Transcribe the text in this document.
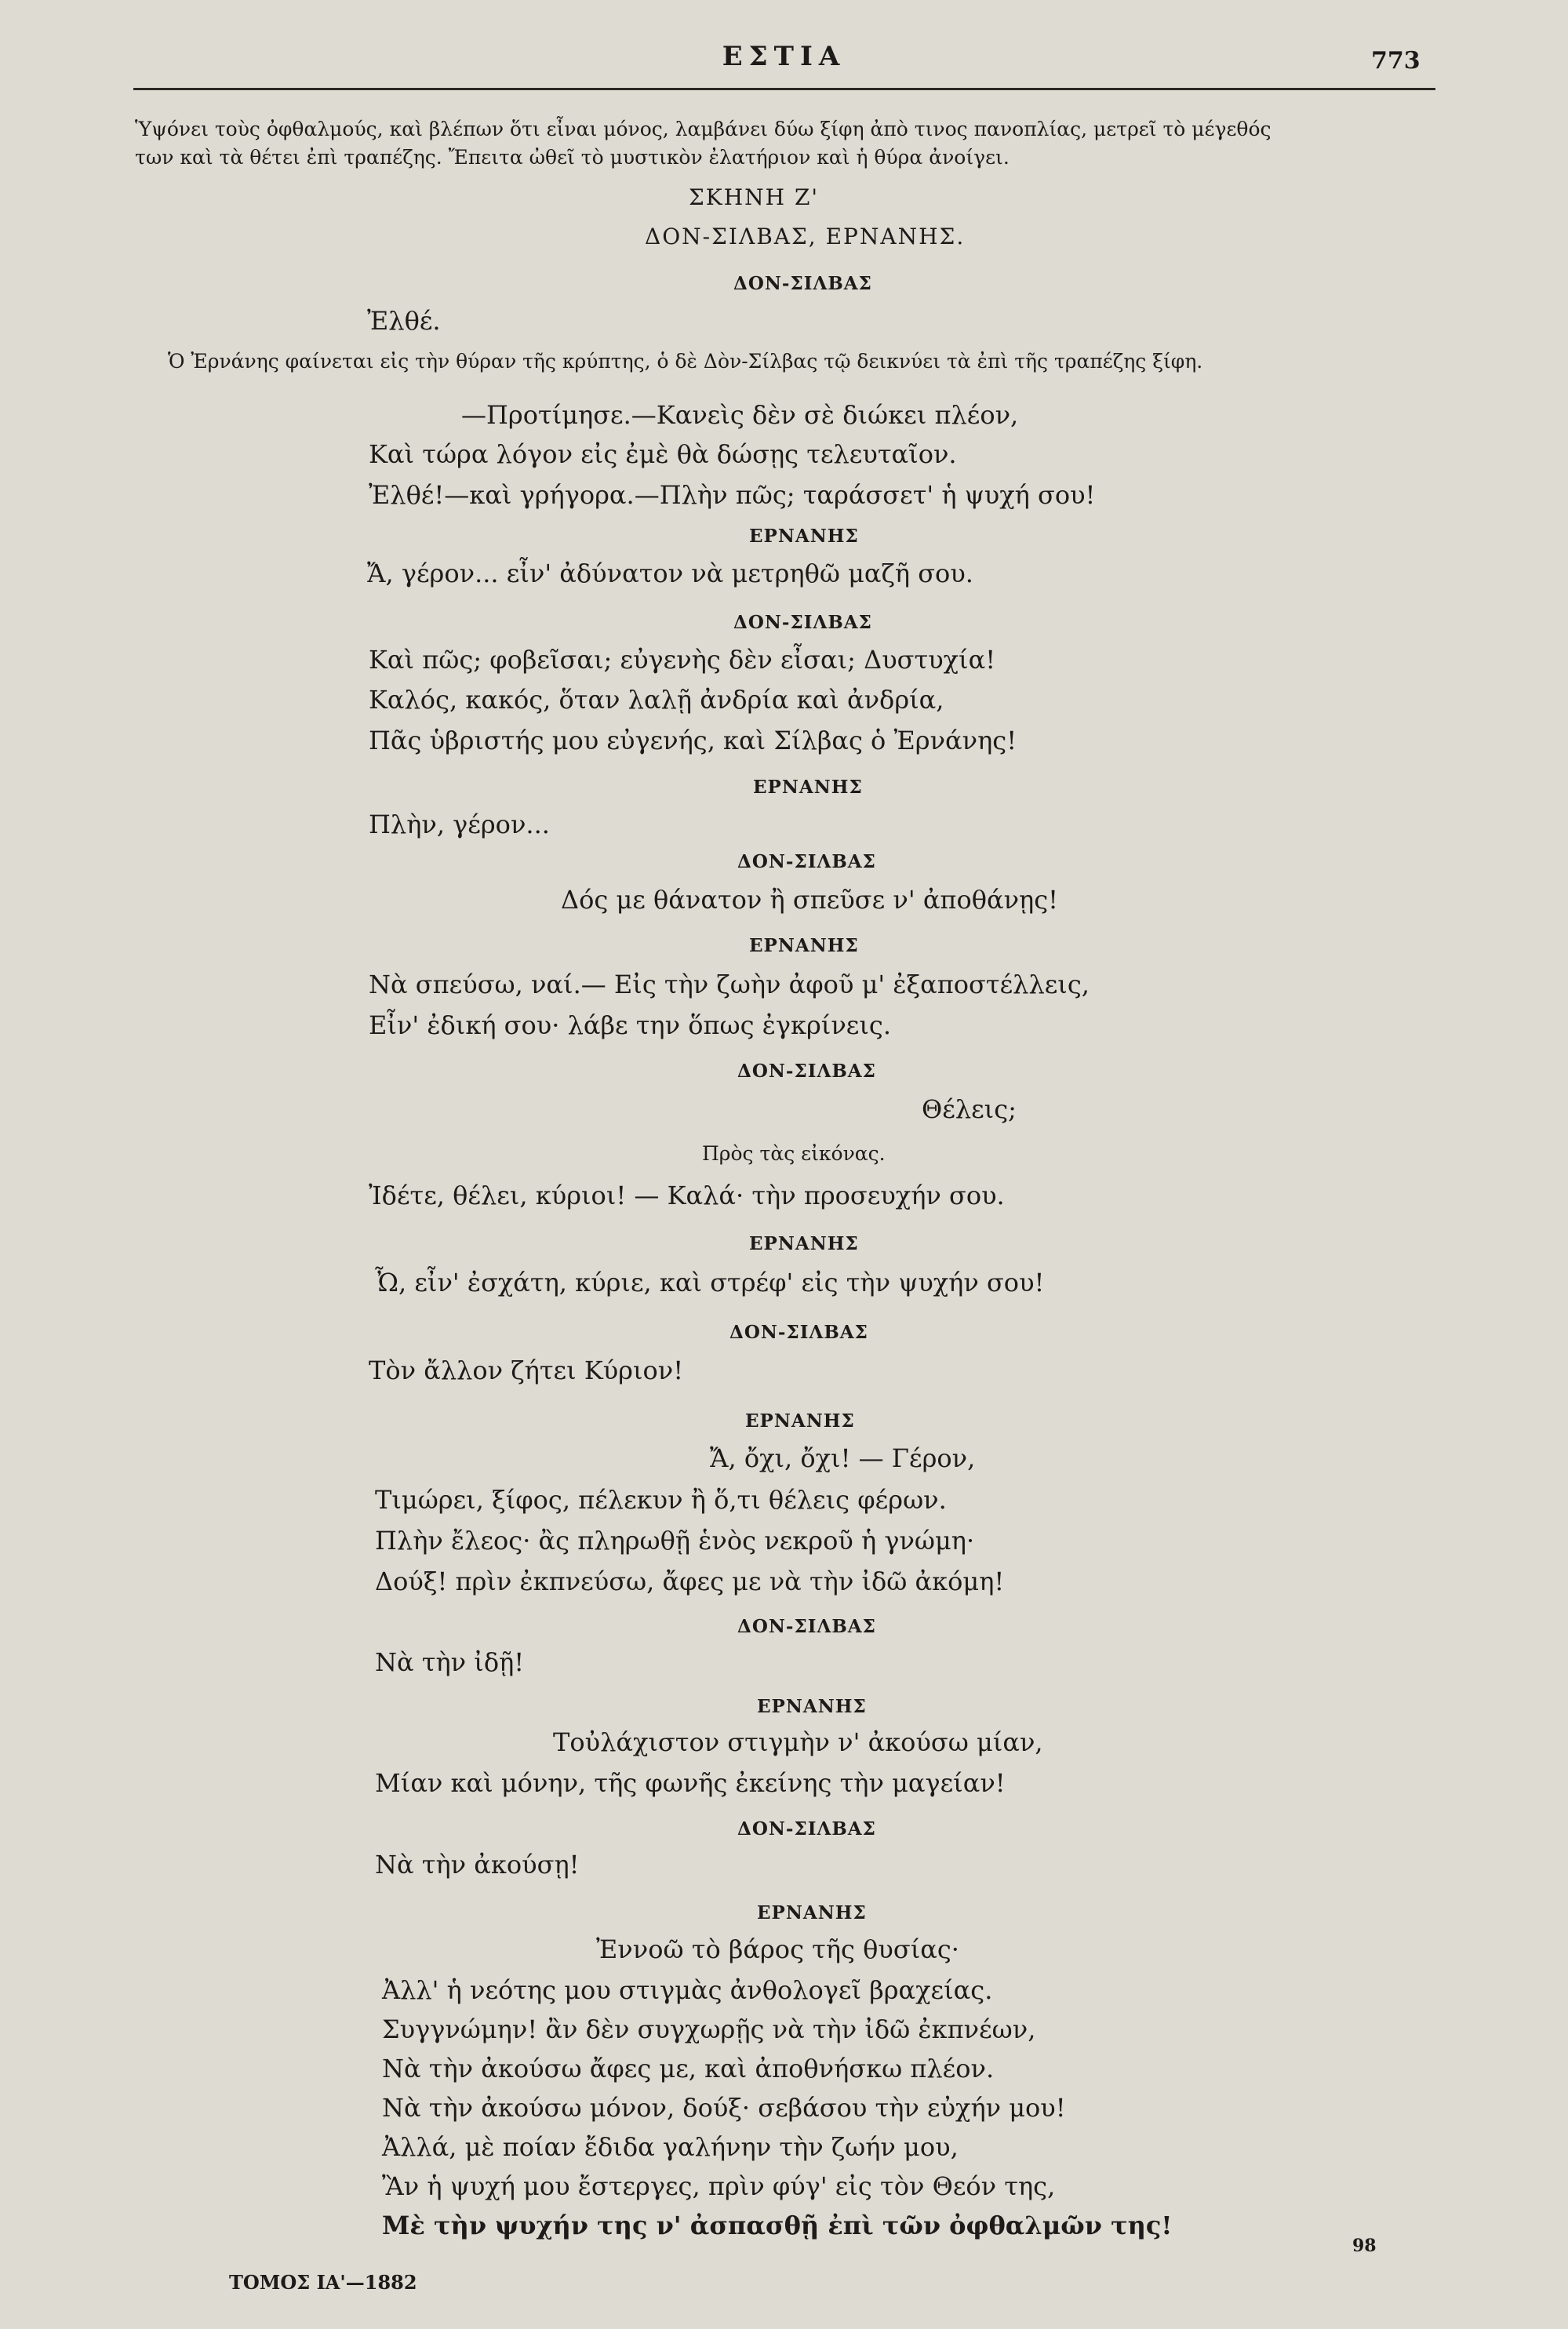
ΕΣΤΙΑ	773
Ὑψόνει τοὺς ὀφθαλμούς, καὶ βλέπων ὅτι εἶναι μόνος, λαμβάνει δύω ξίφη ἀπὸ τινος πανοπλίας, μετρεῖ τὸ μέγεθός
των καὶ τὰ θέτει ἐπὶ τραπέζης. Ἔπειτα ὠθεῖ τὸ μυστικὸν ἐλατήριον καὶ ἡ θύρα ἀνοίγει.
ΣΚΗΝΗ Ζ'
ΔΟΝ-ΣΙΛΒΑΣ, ΕΡΝΑΝΗΣ.
ΔΟΝ-ΣΙΛΒΑΣ
Ἐλθέ.
Ὁ Ἐρνάνης φαίνεται εἰς τὴν θύραν τῆς κρύπτης, ὁ δὲ Δὸν-Σίλβας τῷ δεικνύει τὰ ἐπὶ τῆς τραπέζης ξίφη.
—Προτίμησε.—Κανεὶς δὲν σὲ διώκει πλέον,
Καὶ τώρα λόγον εἰς ἐμὲ θὰ δώσῃς τελευταῖον.
Ἐλθέ!—καὶ γρήγορα.—Πλὴν πῶς; ταράσσετ' ἡ ψυχή σου!
ΕΡΝΑΝΗΣ
Ἄ, γέρον... εἶν' ἀδύνατον νὰ μετρηθῶ μαζῆ σου.
ΔΟΝ-ΣΙΛΒΑΣ
Καὶ πῶς; φοβεῖσαι; εὐγενὴς δὲν εἶσαι; Δυστυχία!
Καλός, κακός, ὅταν λαλῇ ἀνδρία καὶ ἀνδρία,
Πᾶς ὑβριστής μου εὐγενής, καὶ Σίλβας ὁ Ἐρνάνης!
ΕΡΝΑΝΗΣ
Πλὴν, γέρον...
ΔΟΝ-ΣΙΛΒΑΣ
Δός με θάνατον ἢ σπεῦσε ν' ἀποθάνῃς!
ΕΡΝΑΝΗΣ
Νὰ σπεύσω, ναί.— Εἰς τὴν ζωὴν ἀφοῦ μ' ἐξαποστέλλεις,
Εἶν' ἐδική σου· λάβε την ὅπως ἐγκρίνεις.
ΔΟΝ-ΣΙΛΒΑΣ
Θέλεις;
Πρὸς τὰς εἰκόνας.
Ἰδέτε, θέλει, κύριοι! — Καλά· τὴν προσευχήν σου.
ΕΡΝΑΝΗΣ
Ὦ, εἶν' ἐσχάτη, κύριε, καὶ στρέφ' εἰς τὴν ψυχήν σου!
ΔΟΝ-ΣΙΛΒΑΣ
Τὸν ἄλλον ζήτει Κύριον!
ΕΡΝΑΝΗΣ
Ἄ, ὄχι, ὄχι! — Γέρον,
Τιμώρει, ξίφος, πέλεκυν ἢ ὅ,τι θέλεις φέρων.
Πλὴν ἔλεος· ἂς πληρωθῇ ἑνὸς νεκροῦ ἡ γνώμη·
Δούξ! πρὶν ἐκπνεύσω, ἄφες με νὰ τὴν ἰδῶ ἀκόμη!
ΔΟΝ-ΣΙΛΒΑΣ
Νὰ τὴν ἰδῇ!
ΕΡΝΑΝΗΣ
Τοὐλάχιστον στιγμὴν ν' ἀκούσω μίαν,
Μίαν καὶ μόνην, τῆς φωνῆς ἐκείνης τὴν μαγείαν!
ΔΟΝ-ΣΙΛΒΑΣ
Νὰ τὴν ἀκούσῃ!
ΕΡΝΑΝΗΣ
Ἐννοῶ τὸ βάρος τῆς θυσίας·
Ἀλλ' ἡ νεότης μου στιγμὰς ἀνθολογεῖ βραχείας.
Συγγνώμην! ἂν δὲν συγχωρῇς νὰ τὴν ἰδῶ ἐκπνέων,
Νὰ τὴν ἀκούσω ἄφες με, καὶ ἀποθνήσκω πλέον.
Νὰ τὴν ἀκούσω μόνον, δούξ· σεβάσου τὴν εὐχήν μου!
Ἀλλά, μὲ ποίαν ἔδιδα γαλήνην τὴν ζωήν μου,
Ἂν ἡ ψυχή μου ἔστεργες, πρὶν φύγ' εἰς τὸν Θεόν της,
Μὲ τὴν ψυχήν της ν' ἀσπασθῇ ἐπὶ τῶν ὀφθαλμῶν της!
ΤΟΜΟΣ ΙΑ'—1882
98
